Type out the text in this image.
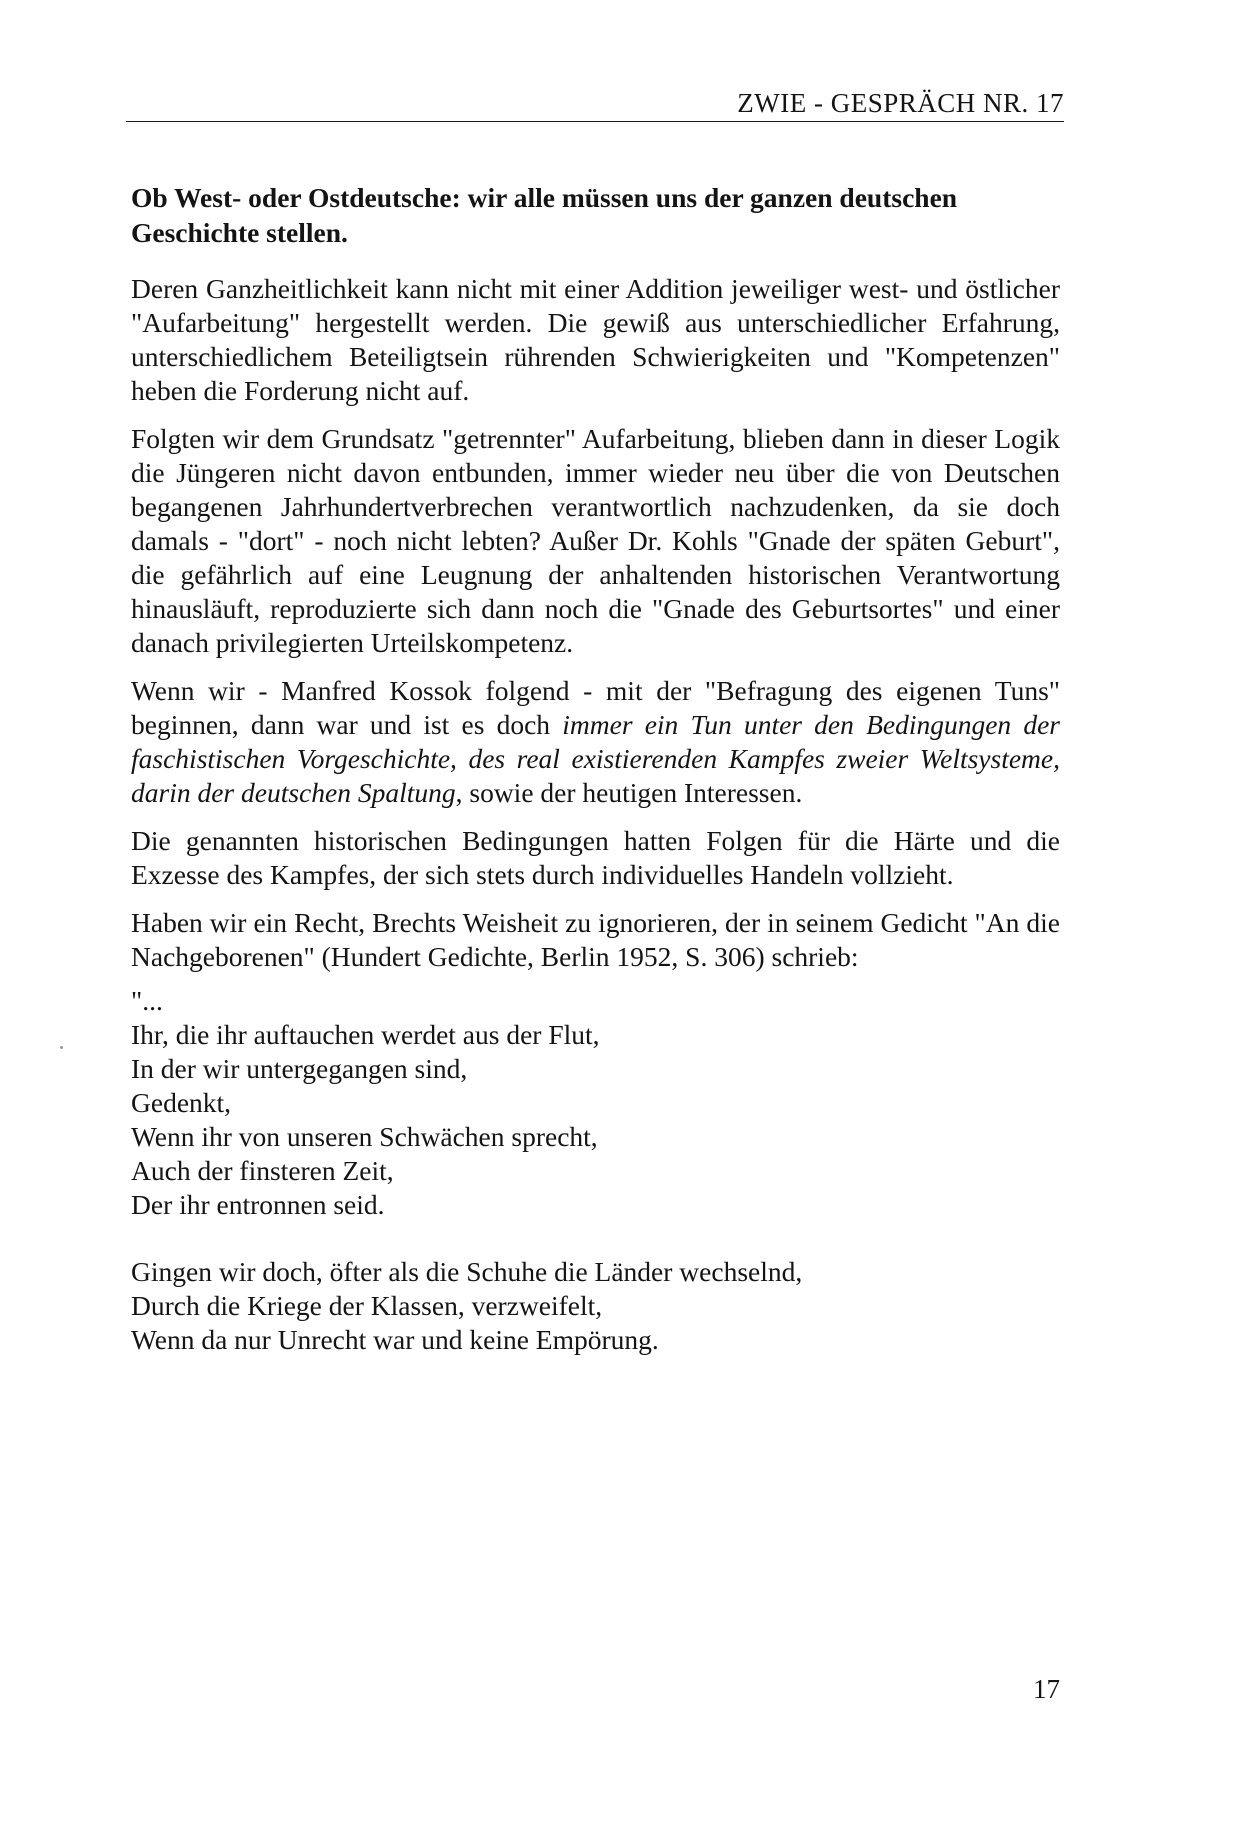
ZWIE - GESPRÄCH NR. 17

Ob West- oder Ostdeutsche: wir alle müssen uns der ganzen deutschen Geschichte stellen.

Deren Ganzheitlichkeit kann nicht mit einer Addition jeweiliger west- und östlicher "Aufarbeitung" hergestellt werden. Die gewiß aus unterschiedlicher Erfahrung, unterschiedlichem Beteiligtsein rührenden Schwierigkeiten und "Kompetenzen" heben die Forderung nicht auf.

Folgten wir dem Grundsatz "getrennter" Aufarbeitung, blieben dann in dieser Logik die Jüngeren nicht davon entbunden, immer wieder neu über die von Deutschen begangenen Jahrhundertverbrechen verantwortlich nachzudenken, da sie doch damals - "dort" - noch nicht lebten? Außer Dr. Kohls "Gnade der späten Geburt", die gefährlich auf eine Leugnung der anhaltenden historischen Verantwortung hinausläuft, reproduzierte sich dann noch die "Gnade des Geburtsortes" und einer danach privilegierten Urteilskompetenz.

Wenn wir - Manfred Kossok folgend - mit der "Befragung des eigenen Tuns" beginnen, dann war und ist es doch immer ein Tun unter den Bedingungen der faschistischen Vorgeschichte, des real existierenden Kampfes zweier Weltsysteme, darin der deutschen Spaltung, sowie der heutigen Interessen.

Die genannten historischen Bedingungen hatten Folgen für die Härte und die Exzesse des Kampfes, der sich stets durch individuelles Handeln vollzieht.

Haben wir ein Recht, Brechts Weisheit zu ignorieren, der in seinem Gedicht "An die Nachgeborenen" (Hundert Gedichte, Berlin 1952, S. 306) schrieb:

"...

Ihr, die ihr auftauchen werdet aus der Flut,
In der wir untergegangen sind,
Gedenkt,
Wenn ihr von unseren Schwächen sprecht,
Auch der finsteren Zeit,
Der ihr entronnen seid.
Gingen wir doch, öfter als die Schuhe die Länder wechselnd,
Durch die Kriege der Klassen, verzweifelt,
Wenn da nur Unrecht war und keine Empörung.
17
